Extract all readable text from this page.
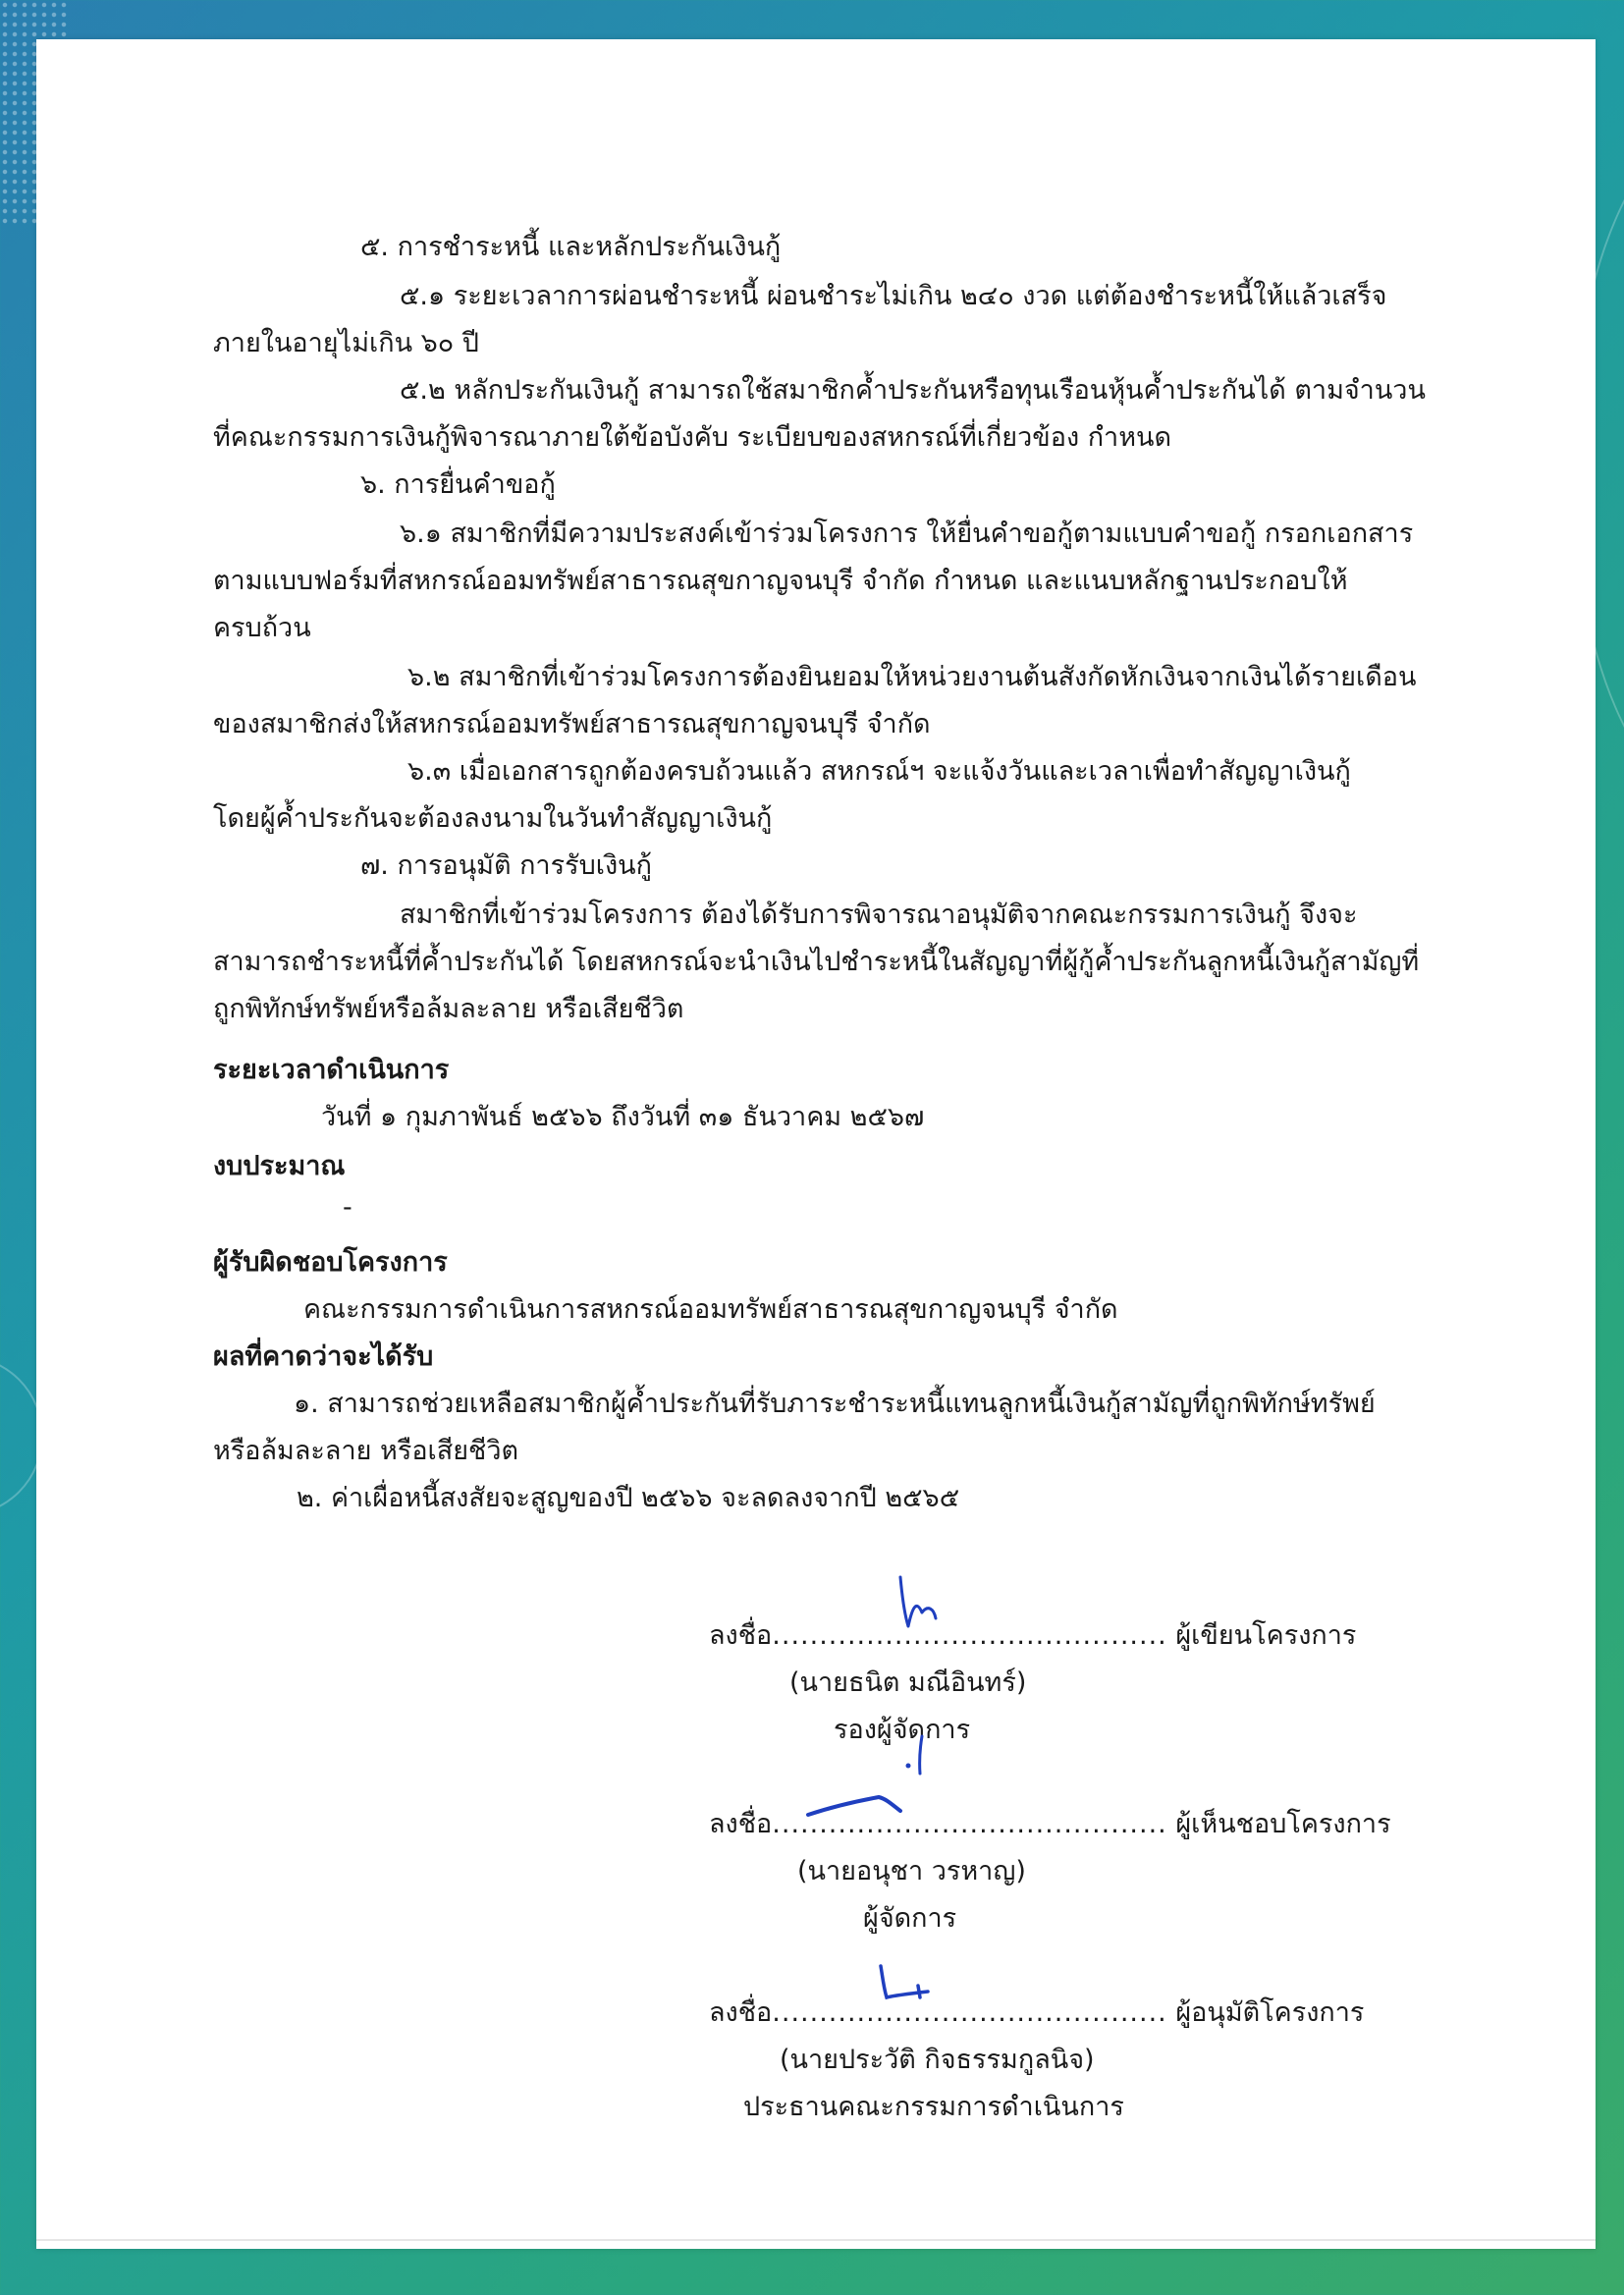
๕. การชำระหนี้ และหลักประกันเงินกู้
๕.๑ ระยะเวลาการผ่อนชำระหนี้ ผ่อนชำระไม่เกิน ๒๔๐ งวด แต่ต้องชำระหนี้ให้แล้วเสร็จ
ภายในอายุไม่เกิน ๖๐ ปี
๕.๒ หลักประกันเงินกู้ สามารถใช้สมาชิกค้ำประกันหรือทุนเรือนหุ้นค้ำประกันได้ ตามจำนวน
ที่คณะกรรมการเงินกู้พิจารณาภายใต้ข้อบังคับ ระเบียบของสหกรณ์ที่เกี่ยวข้อง กำหนด
๖. การยื่นคำขอกู้
๖.๑ สมาชิกที่มีความประสงค์เข้าร่วมโครงการ ให้ยื่นคำขอกู้ตามแบบคำขอกู้ กรอกเอกสาร
ตามแบบฟอร์มที่สหกรณ์ออมทรัพย์สาธารณสุขกาญจนบุรี จำกัด กำหนด และแนบหลักฐานประกอบให้
ครบถ้วน
๖.๒ สมาชิกที่เข้าร่วมโครงการต้องยินยอมให้หน่วยงานต้นสังกัดหักเงินจากเงินได้รายเดือน
ของสมาชิกส่งให้สหกรณ์ออมทรัพย์สาธารณสุขกาญจนบุรี จำกัด
๖.๓ เมื่อเอกสารถูกต้องครบถ้วนแล้ว สหกรณ์ฯ จะแจ้งวันและเวลาเพื่อทำสัญญาเงินกู้
โดยผู้ค้ำประกันจะต้องลงนามในวันทำสัญญาเงินกู้
๗. การอนุมัติ การรับเงินกู้
สมาชิกที่เข้าร่วมโครงการ ต้องได้รับการพิจารณาอนุมัติจากคณะกรรมการเงินกู้ จึงจะ
สามารถชำระหนี้ที่ค้ำประกันได้ โดยสหกรณ์จะนำเงินไปชำระหนี้ในสัญญาที่ผู้กู้ค้ำประกันลูกหนี้เงินกู้สามัญที่
ถูกพิทักษ์ทรัพย์หรือล้มละลาย หรือเสียชีวิต
ระยะเวลาดำเนินการ
วันที่ ๑ กุมภาพันธ์ ๒๕๖๖ ถึงวันที่ ๓๑ ธันวาคม ๒๕๖๗
งบประมาณ
-
ผู้รับผิดชอบโครงการ
คณะกรรมการดำเนินการสหกรณ์ออมทรัพย์สาธารณสุขกาญจนบุรี จำกัด
ผลที่คาดว่าจะได้รับ
๑. สามารถช่วยเหลือสมาชิกผู้ค้ำประกันที่รับภาระชำระหนี้แทนลูกหนี้เงินกู้สามัญที่ถูกพิทักษ์ทรัพย์
หรือล้มละลาย หรือเสียชีวิต
๒. ค่าเผื่อหนี้สงสัยจะสูญของปี ๒๕๖๖ จะลดลงจากปี ๒๕๖๕
ลงชื่อ.......................................... ผู้เขียนโครงการ
(นายธนิต มณีอินทร์)
รองผู้จัดการ
ลงชื่อ.......................................... ผู้เห็นชอบโครงการ
(นายอนุชา วรหาญ)
ผู้จัดการ
ลงชื่อ.......................................... ผู้อนุมัติโครงการ
(นายประวัติ กิจธรรมกูลนิจ)
ประธานคณะกรรมการดำเนินการ
